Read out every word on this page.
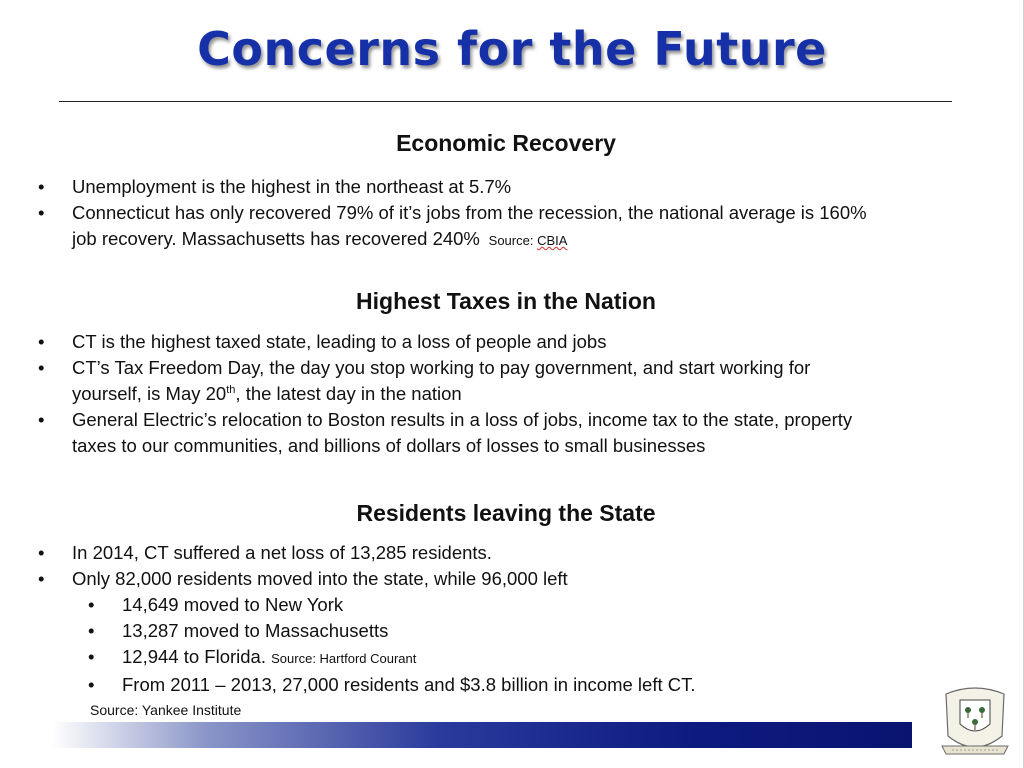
Concerns for the Future
Economic Recovery
• Unemployment is the highest in the northeast at 5.7%
• Connecticut has only recovered 79% of it’s jobs from the recession, the national average is 160%
job recovery. Massachusetts has recovered 240% Source: CBIA
Highest Taxes in the Nation
• CT is the highest taxed state, leading to a loss of people and jobs
• CT’s Tax Freedom Day, the day you stop working to pay government, and start working for
yourself, is May 20th, the latest day in the nation
• General Electric’s relocation to Boston results in a loss of jobs, income tax to the state, property
taxes to our communities, and billions of dollars of losses to small businesses
Residents leaving the State
• In 2014, CT suffered a net loss of 13,285 residents.
• Only 82,000 residents moved into the state, while 96,000 left
• 14,649 moved to New York
• 13,287 moved to Massachusetts
• 12,944 to Florida. Source: Hartford Courant
• From 2011 – 2013, 27,000 residents and $3.8 billion in income left CT.
Source: Yankee Institute
